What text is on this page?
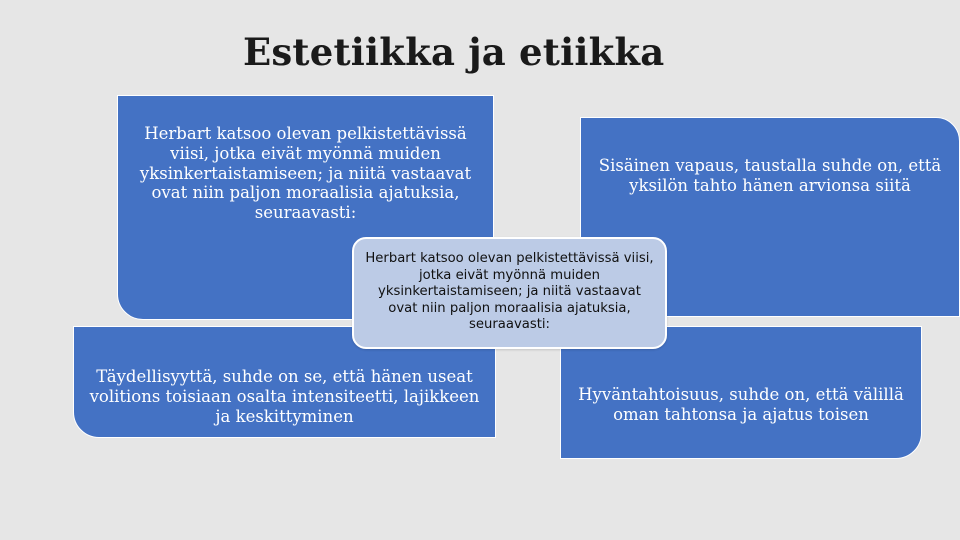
Estetiikka ja etiikka
Herbart katsoo olevan pelkistettävissä viisi, jotka eivät myönnä muiden yksinkertaistamiseen; ja niitä vastaavat ovat niin paljon moraalisia ajatuksia, seuraavasti:
Sisäinen vapaus, taustalla suhde on, että yksilön tahto hänen arvionsa siitä
Täydellisyyttä, suhde on se, että hänen useat volitions toisiaan osalta intensiteetti, lajikkeen ja keskittyminen
Hyväntahtoisuus, suhde on, että välillä oman tahtonsa ja ajatus toisen
Herbart katsoo olevan pelkistettävissä viisi, jotka eivät myönnä muiden yksinkertaistamiseen; ja niitä vastaavat ovat niin paljon moraalisia ajatuksia, seuraavasti:
